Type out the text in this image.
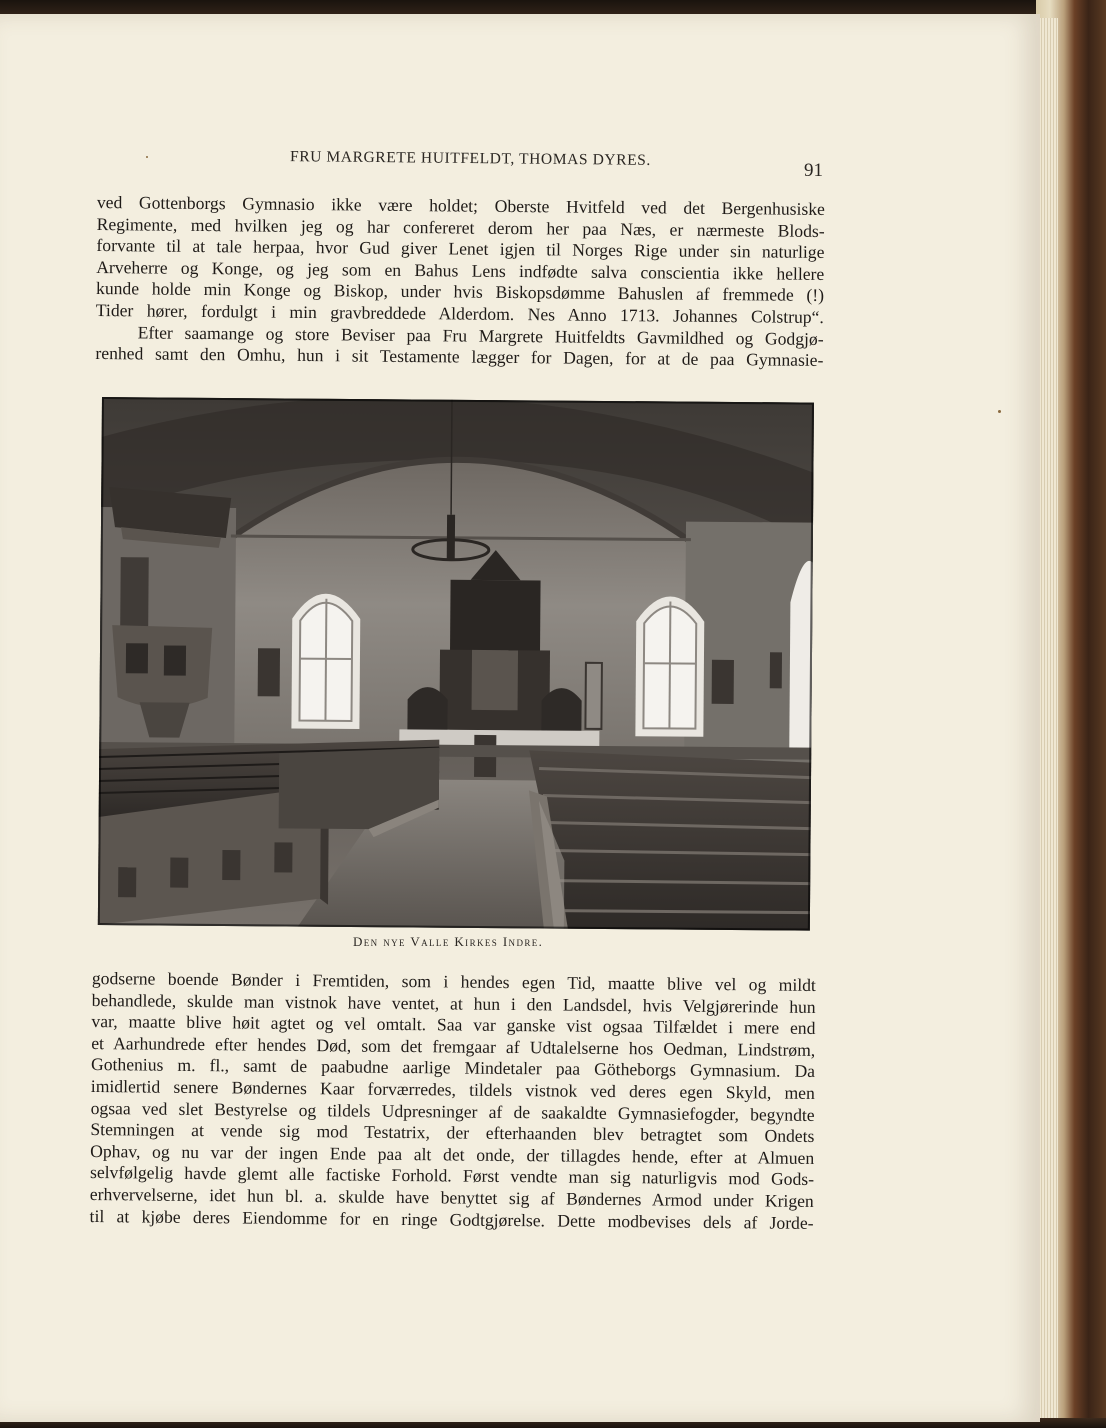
FRU MARGRETE HUITFELDT, THOMAS DYRES.
91

ved Gottenborgs Gymnasio ikke være holdet; Oberste Hvitfeld ved det Bergenhusiske

Regimente, med hvilken jeg og har confereret derom her paa Næs, er nærmeste Blods-

forvante til at tale herpaa, hvor Gud giver Lenet igjen til Norges Rige under sin naturlige

Arveherre og Konge, og jeg som en Bahus Lens indfødte salva conscientia ikke hellere

kunde holde min Konge og Biskop, under hvis Biskopsdømme Bahuslen af fremmede (!)

Tider hører, fordulgt i min gravbreddede Alderdom. Nes Anno 1713. Johannes Colstrup“.

Efter saamange og store Beviser paa Fru Margrete Huitfeldts Gavmildhed og Godgjø-

renhed samt den Omhu, hun i sit Testamente lægger for Dagen, for at de paa Gymnasie-

Den nye Valle Kirkes Indre.

godserne boende Bønder i Fremtiden, som i hendes egen Tid, maatte blive vel og mildt

behandlede, skulde man vistnok have ventet, at hun i den Landsdel, hvis Velgjørerinde hun

var, maatte blive høit agtet og vel omtalt. Saa var ganske vist ogsaa Tilfældet i mere end

et Aarhundrede efter hendes Død, som det fremgaar af Udtalelserne hos Oedman, Lindstrøm,

Gothenius m. fl., samt de paabudne aarlige Mindetaler paa Götheborgs Gymnasium. Da

imidlertid senere Bøndernes Kaar forværredes, tildels vistnok ved deres egen Skyld, men

ogsaa ved slet Bestyrelse og tildels Udpresninger af de saakaldte Gymnasiefogder, begyndte

Stemningen at vende sig mod Testatrix, der efterhaanden blev betragtet som Ondets

Ophav, og nu var der ingen Ende paa alt det onde, der tillagdes hende, efter at Almuen

selvfølgelig havde glemt alle factiske Forhold. Først vendte man sig naturligvis mod Gods-

erhvervelserne, idet hun bl. a. skulde have benyttet sig af Bøndernes Armod under Krigen

til at kjøbe deres Eiendomme for en ringe Godtgjørelse. Dette modbevises dels af Jorde-
